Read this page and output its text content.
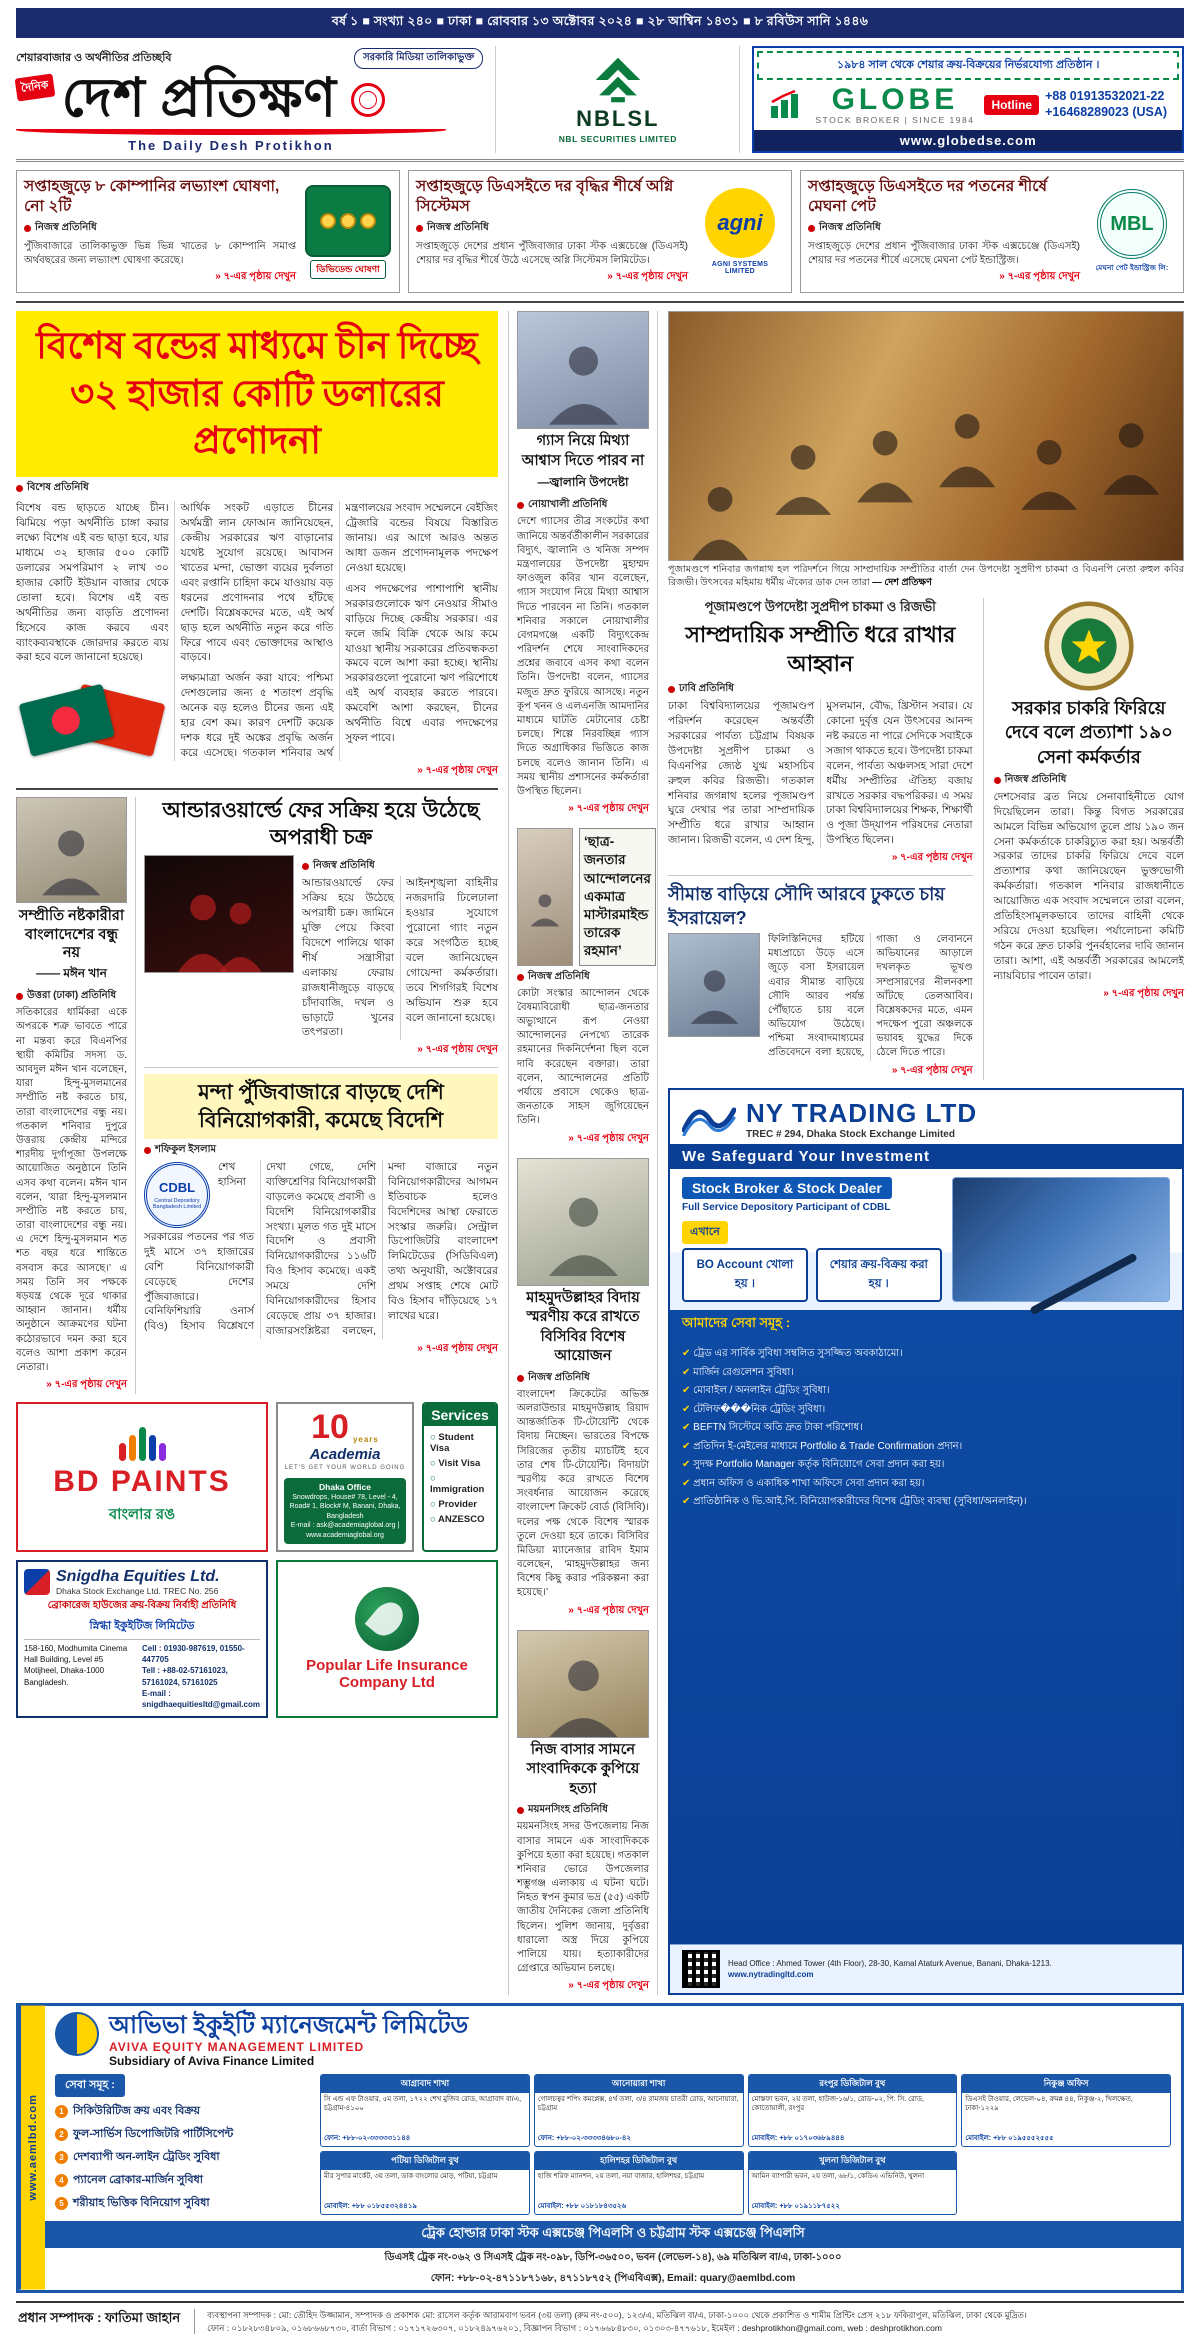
বর্ষ ১ ■ সংখ্যা ২৪০ ■ ঢাকা ■ রোববার ১৩ অক্টোবর ২০২৪ ■ ২৮ আশ্বিন ১৪৩১ ■ ৮ রবিউস সানি ১৪৪৬
শেয়ারবাজার ও অর্থনীতির প্রতিচ্ছবি	সরকারি মিডিয়া তালিকাভুক্ত
দৈনিক দেশ প্রতিক্ষণ
The Daily Desh Protikhon
NBLSL
NBL SECURITIES LIMITED
১৯৮৪ সাল থেকে শেয়ার ক্রয়-বিক্রয়ের নির্ভরযোগ্য প্রতিষ্ঠান ।
GLOBE
STOCK BROKER | SINCE 1984
Hotline
+88 01913532021-22
+16468289023 (USA)
www.globedse.com
সপ্তাহজুড়ে ৮ কোম্পানির লভ্যাংশ ঘোষণা, নো ২টি
নিজস্ব প্রতিনিধি

পুঁজিবাজারে তালিকাভুক্ত ভিন্ন ভিন্ন খাতের ৮ কোম্পানি সমাপ্ত অর্থবছরের জন্য লভ্যাংশ ঘোষণা করেছে।

» ৭-এর পৃষ্ঠায় দেখুন
ডিভিডেন্ড ঘোষণা
সপ্তাহজুড়ে ডিএসইতে দর বৃদ্ধির শীর্ষে অগ্নি সিস্টেমস
নিজস্ব প্রতিনিধি

সপ্তাহজুড়ে দেশের প্রধান পুঁজিবাজার ঢাকা স্টক এক্সচেঞ্জে (ডিএসই) শেয়ার দর বৃদ্ধির শীর্ষে উঠে এসেছে অগ্নি সিস্টেমস লিমিটেড।

» ৭-এর পৃষ্ঠায় দেখুন
agni
AGNI SYSTEMS LIMITED
সপ্তাহজুড়ে ডিএসইতে দর পতনের শীর্ষে মেঘনা পেট
নিজস্ব প্রতিনিধি

সপ্তাহজুড়ে দেশের প্রধান পুঁজিবাজার ঢাকা স্টক এক্সচেঞ্জে (ডিএসই) শেয়ার দর পতনের শীর্ষে এসেছে মেঘনা পেট ইন্ডাস্ট্রিজ।

» ৭-এর পৃষ্ঠায় দেখুন
MBL
মেঘনা পেট ইন্ডাস্ট্রিজ লি:
বিশেষ বন্ডের মাধ্যমে চীন দিচ্ছে ৩২ হাজার কোটি ডলারের প্রণোদনা
বিশেষ প্রতিনিধি

বিশেষ বন্ড ছাড়তে যাচ্ছে চীন। ঝিমিয়ে পড়া অর্থনীতি চাঙ্গা করার লক্ষ্যে বিশেষ এই বন্ড ছাড়া হবে, যার মাধ্যমে ৩২ হাজার ৫০০ কোটি ডলারের সমপরিমাণ ২ লাখ ৩০ হাজার কোটি ইউয়ান বাজার থেকে তোলা হবে। বিশেষ এই বন্ড অর্থনীতির জন্য বাড়তি প্রণোদনা হিসেবে কাজ করবে এবং ব্যাংকব্যবস্থাকে জোরদার করতে ব্যয় করা হবে বলে জানানো হয়েছে।

★

আর্থিক সংকট এড়াতে চীনের অর্থমন্ত্রী লান ফোআন জানিয়েছেন, কেন্দ্রীয় সরকারের ঋণ বাড়ানোর যথেষ্ট সুযোগ রয়েছে। আবাসন খাতের মন্দা, ভোক্তা ব্যয়ের দুর্বলতা এবং রপ্তানি চাহিদা কমে যাওয়ায় বড় ধরনের প্রণোদনার পথে হাঁটছে দেশটি। বিশ্লেষকদের মতে, এই অর্থ ছাড় হলে অর্থনীতি নতুন করে গতি ফিরে পাবে এবং ভোক্তাদের আস্থাও বাড়বে।

লক্ষ্যমাত্রা অর্জন করা যাবে: পশ্চিমা দেশগুলোর জন্য ৫ শতাংশ প্রবৃদ্ধি অনেক বড় হলেও চীনের জন্য এই হার বেশ কম। কারণ দেশটি কয়েক দশক ধরে দুই অঙ্কের প্রবৃদ্ধি অর্জন করে এসেছে। গতকাল শনিবার অর্থ মন্ত্রণালয়ের সংবাদ সম্মেলনে বেইজিং ট্রেজারি বন্ডের বিষয়ে বিস্তারিত জানায়। এর আগে আরও অন্তত আধা ডজন প্রণোদনামূলক পদক্ষেপ নেওয়া হয়েছে।

এসব পদক্ষেপের পাশাপাশি স্থানীয় সরকারগুলোকে ঋণ নেওয়ার সীমাও বাড়িয়ে দিচ্ছে কেন্দ্রীয় সরকার। এর ফলে জমি বিক্রি থেকে আয় কমে যাওয়া স্থানীয় সরকারের প্রতিবন্ধকতা কমবে বলে আশা করা হচ্ছে। স্থানীয় সরকারগুলো পুরোনো ঋণ পরিশোধে এই অর্থ ব্যবহার করতে পারবে। কমবেশি আশা করছেন, চীনের অর্থনীতি বিশ্বে এবার পদক্ষেপের সুফল পাবে।

» ৭-এর পৃষ্ঠায় দেখুন
সম্প্রীতি নষ্টকারীরা বাংলাদেশের বন্ধু নয়
—— মঈন খান
উত্তরা (ঢাকা) প্রতিনিধি

সতিকারের ধার্মিকরা একে অপরকে শত্রু ভাবতে পারে না মন্তব্য করে বিএনপির স্থায়ী কমিটির সদস্য ড. আবদুল মঈন খান বলেছেন, যারা হিন্দু-মুসলমানের সম্প্রীতি নষ্ট করতে চায়, তারা বাংলাদেশের বন্ধু নয়। গতকাল শনিবার দুপুরে উত্তরায় কেন্দ্রীয় মন্দিরে শারদীয় দুর্গাপূজা উপলক্ষে আয়োজিত অনুষ্ঠানে তিনি এসব কথা বলেন। মঈন খান বলেন, ‘যারা হিন্দু-মুসলমান সম্প্রীতি নষ্ট করতে চায়, তারা বাংলাদেশের বন্ধু নয়। এ দেশে হিন্দু-মুসলমান শত শত বছর ধরে শান্তিতে বসবাস করে আসছে।’ এ সময় তিনি সব পক্ষকে ষড়যন্ত্র থেকে দূরে থাকার আহ্বান জানান। ধর্মীয় অনুষ্ঠানে আক্রমণের ঘটনা কঠোরভাবে দমন করা হবে বলেও আশা প্রকাশ করেন নেতারা।

» ৭-এর পৃষ্ঠায় দেখুন
আন্ডারওয়ার্ল্ডে ফের সক্রিয় হয়ে উঠেছে অপরাধী চক্র
নিজস্ব প্রতিনিধি

আন্ডারওয়ার্ল্ডে ফের সক্রিয় হয়ে উঠেছে অপরাধী চক্র। জামিনে মুক্তি পেয়ে কিংবা বিদেশে পালিয়ে থাকা শীর্ষ সন্ত্রাসীরা এলাকায় ফেরায় রাজধানীজুড়ে বাড়ছে চাঁদাবাজি, দখল ও ভাড়াটে খুনের তৎপরতা। আইনশৃঙ্খলা বাহিনীর নজরদারি ঢিলেঢালা হওয়ার সুযোগে পুরোনো গ্যাং নতুন করে সংগঠিত হচ্ছে বলে জানিয়েছেন গোয়েন্দা কর্মকর্তারা। তবে শিগগিরই বিশেষ অভিযান শুরু হবে বলে জানানো হয়েছে।

» ৭-এর পৃষ্ঠায় দেখুন
মন্দা পুঁজিবাজারে বাড়ছে দেশি বিনিয়োগকারী, কমেছে বিদেশি
শফিকুল ইসলাম
CDBL
Central Depository Bangladesh Limited
শেখ হাসিনা সরকারের পতনের পর গত দুই মাসে ৩৭ হাজারের বেশি বিনিয়োগকারী বেড়েছে দেশের পুঁজিবাজারে। বেনিফিশিয়ারি ওনার্স (বিও) হিসাব বিশ্লেষণে দেখা গেছে, দেশি ব্যক্তিশ্রেণির বিনিয়োগকারী বাড়লেও কমেছে প্রবাসী ও বিদেশি বিনিয়োগকারীর সংখ্যা। মূলত গত দুই মাসে বিদেশি ও প্রবাসী বিনিয়োগকারীদের ১১৬টি বিও হিসাব কমেছে। একই সময়ে দেশি বিনিয়োগকারীদের হিসাব বেড়েছে প্রায় ৩৭ হাজার। বাজারসংশ্লিষ্টরা বলছেন, মন্দা বাজারে নতুন বিনিয়োগকারীদের আগমন ইতিবাচক হলেও বিদেশিদের আস্থা ফেরাতে সংস্কার জরুরি। সেন্ট্রাল ডিপোজিটরি বাংলাদেশ লিমিটেডের (সিডিবিএল) তথ্য অনুযায়ী, অক্টোবরের প্রথম সপ্তাহ শেষে মোট বিও হিসাব দাঁড়িয়েছে ১৭ লাখের ঘরে।
» ৭-এর পৃষ্ঠায় দেখুন
BD PAINTS
বাংলার রঙ
10 years
Academia
LET'S GET YOUR WORLD GOING
Dhaka Office
Snowdrops, House# 78, Level - 4, Road# 1, Block# M, Banani, Dhaka, Bangladesh
E-mail : ask@academiaglobal.org | www.academiaglobal.org
Services
○ Student Visa
○ Visit Visa
○ Immigration
○ Provider
○ ANZESCO
Snigdha Equities Ltd.
Dhaka Stock Exchange Ltd. TREC No. 256
ব্রোকারেজ হাউজের ক্রয়-বিক্রয় নির্বাহী প্রতিনিধি
স্নিগ্ধা ইকুইটিজ লিমিটেড
158-160, Modhumita Cinema Hall Building, Level #5 Motijheel, Dhaka-1000 Bangladesh.
Cell : 01930-987619, 01550-447705
Tell : +88-02-57161023, 57161024, 57161025
E-mail : snigdhaequitiesltd@gmail.com
Popular Life Insurance Company Ltd
গ্যাস নিয়ে মিথ্যা আশ্বাস দিতে পারব না
—জ্বালানি উপদেষ্টা
নোয়াখালী প্রতিনিধি

দেশে গ্যাসের তীব্র সংকটের কথা জানিয়ে অন্তর্বর্তীকালীন সরকারের বিদ্যুৎ, জ্বালানি ও খনিজ সম্পদ মন্ত্রণালয়ের উপদেষ্টা মুহাম্মদ ফাওজুল কবির খান বলেছেন, গ্যাস সংযোগ নিয়ে মিথ্যা আশ্বাস দিতে পারবেন না তিনি। গতকাল শনিবার সকালে নোয়াখালীর বেগমগঞ্জে একটি বিদ্যুৎকেন্দ্র পরিদর্শন শেষে সাংবাদিকদের প্রশ্নের জবাবে এসব কথা বলেন তিনি। উপদেষ্টা বলেন, গ্যাসের মজুত দ্রুত ফুরিয়ে আসছে। নতুন কূপ খনন ও এলএনজি আমদানির মাধ্যমে ঘাটতি মেটানোর চেষ্টা চলছে। শিল্পে নিরবচ্ছিন্ন গ্যাস দিতে অগ্রাধিকার ভিত্তিতে কাজ চলছে বলেও জানান তিনি। এ সময় স্থানীয় প্রশাসনের কর্মকর্তারা উপস্থিত ছিলেন।

» ৭-এর পৃষ্ঠায় দেখুন
‘ছাত্র-জনতার আন্দোলনের একমাত্র মাস্টারমাইন্ড তারেক রহমান’
নিজস্ব প্রতিনিধি

কোটা সংস্কার আন্দোলন থেকে বৈষম্যবিরোধী ছাত্র-জনতার অভ্যুত্থানে রূপ নেওয়া আন্দোলনের নেপথ্যে তারেক রহমানের দিকনির্দেশনা ছিল বলে দাবি করেছেন বক্তারা। তারা বলেন, আন্দোলনের প্রতিটি পর্যায়ে প্রবাসে থেকেও ছাত্র-জনতাকে সাহস জুগিয়েছেন তিনি।

» ৭-এর পৃষ্ঠায় দেখুন
মাহমুদউল্লাহর বিদায় স্মরণীয় করে রাখতে বিসিবির বিশেষ আয়োজন
নিজস্ব প্রতিনিধি

বাংলাদেশ ক্রিকেটের অভিজ্ঞ অলরাউন্ডার মাহমুদউল্লাহ রিয়াদ আন্তর্জাতিক টি-টোয়েন্টি থেকে বিদায় নিচ্ছেন। ভারতের বিপক্ষে সিরিজের তৃতীয় ম্যাচটিই হবে তার শেষ টি-টোয়েন্টি। বিদায়টা স্মরণীয় করে রাখতে বিশেষ সংবর্ধনার আয়োজন করেছে বাংলাদেশ ক্রিকেট বোর্ড (বিসিবি)। দলের পক্ষ থেকে বিশেষ স্মারক তুলে দেওয়া হবে তাকে। বিসিবির মিডিয়া ম্যানেজার রাবিদ ইমাম বলেছেন, ‘মাহমুদউল্লাহর জন্য বিশেষ কিছু করার পরিকল্পনা করা হয়েছে।’

» ৭-এর পৃষ্ঠায় দেখুন
নিজ বাসার সামনে সাংবাদিককে কুপিয়ে হত্যা
ময়মনসিংহ প্রতিনিধি

ময়মনসিংহ সদর উপজেলায় নিজ বাসার সামনে এক সাংবাদিককে কুপিয়ে হত্যা করা হয়েছে। গতকাল শনিবার ভোরে উপজেলার শম্ভুগঞ্জ এলাকায় এ ঘটনা ঘটে। নিহত স্বপন কুমার ভদ্র (৫৫) একটি জাতীয় দৈনিকের জেলা প্রতিনিধি ছিলেন। পুলিশ জানায়, দুর্বৃত্তরা ধারালো অস্ত্র দিয়ে কুপিয়ে পালিয়ে যায়। হত্যাকারীদের গ্রেপ্তারে অভিযান চলছে।

» ৭-এর পৃষ্ঠায় দেখুন

পূজামণ্ডপে শনিবার জগন্নাথ হল পরিদর্শনে গিয়ে সাম্প্রদায়িক সম্প্রীতির বার্তা দেন উপদেষ্টা সুপ্রদীপ চাকমা ও বিএনপি নেতা রুহুল কবির রিজভী। উৎসবের মহিমায় ধর্মীয় ঐক্যের ডাক দেন তারা — দেশ প্রতিক্ষণ

পূজামণ্ডপে উপদেষ্টা সুপ্রদীপ চাকমা ও রিজভী
সাম্প্রদায়িক সম্প্রীতি ধরে রাখার আহ্বান
ঢাবি প্রতিনিধি

ঢাকা বিশ্ববিদ্যালয়ের পূজামণ্ডপ পরিদর্শন করেছেন অন্তর্বর্তী সরকারের পার্বত্য চট্টগ্রাম বিষয়ক উপদেষ্টা সুপ্রদীপ চাকমা ও বিএনপির জ্যেষ্ঠ যুগ্ম মহাসচিব রুহুল কবির রিজভী। গতকাল শনিবার জগন্নাথ হলের পূজামণ্ডপ ঘুরে দেখার পর তারা সাম্প্রদায়িক সম্প্রীতি ধরে রাখার আহ্বান জানান। রিজভী বলেন, এ দেশ হিন্দু, মুসলমান, বৌদ্ধ, খ্রিস্টান সবার। যে কোনো দুর্বৃত্ত যেন উৎসবের আনন্দ নষ্ট করতে না পারে সেদিকে সবাইকে সজাগ থাকতে হবে। উপদেষ্টা চাকমা বলেন, পার্বত্য অঞ্চলসহ সারা দেশে ধর্মীয় সম্প্রীতির ঐতিহ্য বজায় রাখতে সরকার বদ্ধপরিকর। এ সময় ঢাকা বিশ্ববিদ্যালয়ের শিক্ষক, শিক্ষার্থী ও পূজা উদ্‌যাপন পরিষদের নেতারা উপস্থিত ছিলেন।

» ৭-এর পৃষ্ঠায় দেখুন
সীমান্ত বাড়িয়ে সৌদি আরবে ঢুকতে চায় ইসরায়েল?

ফিলিস্তিনিদের হটিয়ে মধ্যপ্রাচ্যে উড়ে এসে জুড়ে বসা ইসরায়েল এবার সীমান্ত বাড়িয়ে সৌদি আরব পর্যন্ত পৌঁছাতে চায় বলে অভিযোগ উঠেছে। পশ্চিমা সংবাদমাধ্যমের প্রতিবেদনে বলা হয়েছে, গাজা ও লেবাননে অভিযানের আড়ালে দখলকৃত ভূখণ্ড সম্প্রসারণের নীলনকশা আঁটছে তেলআবিব। বিশ্লেষকদের মতে, এমন পদক্ষেপ পুরো অঞ্চলকে ভয়াবহ যুদ্ধের দিকে ঠেলে দিতে পারে।

» ৭-এর পৃষ্ঠায় দেখুন
সরকার চাকরি ফিরিয়ে দেবে বলে প্রত্যাশা ১৯০ সেনা কর্মকর্তার
নিজস্ব প্রতিনিধি

দেশসেবার ব্রত নিয়ে সেনাবাহিনীতে যোগ দিয়েছিলেন তারা। কিন্তু বিগত সরকারের আমলে বিভিন্ন অভিযোগ তুলে প্রায় ১৯০ জন সেনা কর্মকর্তাকে চাকরিচ্যুত করা হয়। অন্তর্বর্তী সরকার তাদের চাকরি ফিরিয়ে দেবে বলে প্রত্যাশার কথা জানিয়েছেন ভুক্তভোগী কর্মকর্তারা। গতকাল শনিবার রাজধানীতে আয়োজিত এক সংবাদ সম্মেলনে তারা বলেন, প্রতিহিংসামূলকভাবে তাদের বাহিনী থেকে সরিয়ে দেওয়া হয়েছিল। পর্যালোচনা কমিটি গঠন করে দ্রুত চাকরি পুনর্বহালের দাবি জানান তারা। আশা, এই অন্তর্বর্তী সরকারের আমলেই ন্যায়বিচার পাবেন তারা।

» ৭-এর পৃষ্ঠায় দেখুন
NY TRADING LTD
TREC # 294, Dhaka Stock Exchange Limited
We Safeguard Your Investment
Stock Broker & Stock Dealer
Full Service Depository Participant of CDBL
এখানে
BO Account খোলা হয় ।
শেয়ার ক্রয়-বিক্রয় করা হয় ।
আমাদের সেবা সমূহ :
✔ ট্রেড এর সার্বিক সুবিধা সম্বলিত সুসজ্জিত অবকাঠামো।
✔ মার্জিন রেগুলেশন সুবিধা।
✔ মোবাইল / অনলাইন ট্রেডিং সুবিধা।
✔ টেলিফ���নিক ট্রেডিং সুবিধা।
✔ BEFTN সিস্টেমে অতি দ্রুত টাকা পরিশোধ।
✔ প্রতিদিন ই-মেইলের মাধ্যমে Portfolio & Trade Confirmation প্রদান।
✔ সুদক্ষ Portfolio Manager কর্তৃক বিনিয়োগে সেবা প্রদান করা হয়।
✔ প্রধান অফিস ও একাধিক শাখা অফিসে সেবা প্রদান করা হয়।
✔ প্রাতিষ্ঠানিক ও ভি.আই.পি. বিনিয়োগকারীদের বিশেষ ট্রেডিং ব্যবস্থা (সুবিধা/অনলাইন)।
Head Office : Ahmed Tower (4th Floor), 28-30, Kamal Ataturk Avenue, Banani, Dhaka-1213.
www.nytradingltd.com
www.aemlbd.com
আভিভা ইকুইটি ম্যানেজমেন্ট লিমিটেড
AVIVA EQUITY MANAGEMENT LIMITED
Subsidiary of Aviva Finance Limited
সেবা সমূহ :
সিকিউরিটিজ ক্রয় এবং বিক্রয়
ফুল-সার্ভিস ডিপোজিটরি পার্টিসিপেন্ট
দেশব্যাপী অন-লাইন ট্রেডিং সুবিধা
প্যানেল ব্রোকার-মার্জিন সুবিধা
শরীয়াহ ভিত্তিক বিনিয়োগ সুবিধা
আগ্রাবাদ শাখা
সি এন্ড এফ টাওয়ার, ৫ম তলা, ১৭২২ শেখ মুজিব রোড, আগ্রাবাদ বা/এ, চট্টগ্রাম-৪১০০
ফোন: +৮৮-০২-৩৩৩৩৩১১৪৪
আনোয়ারা শাখা
গোলচত্বর শপিং কমপ্লেক্স, ৪র্থ তলা, ৩/৪ রামজয় চাতরী রোড, আনোয়ারা, চট্টগ্রাম
ফোন: +৮৮-০২-৩৩৩৩৪৬৮০-৪২
রংপুর ডিজিটাল বুথ
মোস্তফা ভবন, ২য় তলা, হাউজ-১৬/১, রোড-০২, পি. সি. রোড, কোতোয়ালী, রংপুর
মোবাইল: +৮৮ ০১৭০৩৬৮৯৪৪৪
নিকুঞ্জ অফিস
ডিএসই টাওয়ার, লেভেল-০৪, রুম# ৪৪, নিকুঞ্জ-২, খিলক্ষেত, ঢাকা-১২২৯
মোবাইল: +৮৮ ০১৯৫৫৫২৫৫৫
পটিয়া ডিজিটাল বুথ
মীর সুপার মার্কেট, ৩য় তলা, ডাক বাংলোর মোড়, পটিয়া, চট্টগ্রাম
মোবাইল: +৮৮ ০১৮৫৫৩২৪৪১৯
হালিশহর ডিজিটাল বুথ
হাজি শরিফ ম্যানশন, ২য় তলা, নয়া বাজার, হালিশহর, চট্টগ্রাম
মোবাইল: +৮৮ ০১৮১৮৪৩৫২৬
খুলনা ডিজিটাল বুথ
আমিন ব্যাপারী ভবন, ২য় তলা, ৬৮/১, কেডিএ এভিনিউ, খুলনা
মোবাইল: +৮৮ ০১৯১১৮৭৫২২
ট্রেক হোল্ডার ঢাকা স্টক এক্সচেঞ্জ পিএলসি ও চট্টগ্রাম স্টক এক্সচেঞ্জ পিএলসি
ডিএসই ট্রেক নং-০৬২ ও সিএসই ট্রেক নং-০৯৮, ডিপি-৩৬৫০০, ভবন (লেভেল-১৪), ৬৯ মতিঝিল বা/এ, ঢাকা-১০০০
ফোন: +৮৮-০২-৪৭১১৮৭১৬৮, ৪৭১১৮৭৫২ (পিএবিএক্স), Email: quary@aemlbd.com
প্রধান সম্পাদক : ফাতিমা জাহান	ব্যবস্থাপনা সম্পাদক : মো: তৌহিদ উজ্জামান, সম্পাদক ও প্রকাশক মো: রাসেল কর্তৃক আরামবাগ ভবন (৩য় তলা) (রুম নং-৫০০), ১২৩/এ, মতিঝিল বা/এ, ঢাকা-১০০০ থেকে প্রকাশিত ও শামীম প্রিন্টিং প্রেস ২১৮ ফকিরাপুল, মতিঝিল, ঢাকা থেকে মুদ্রিত।
ফোন : ০১৮২৮৩৪৮০৯, ০১৬৮৬৬৮৭৩০, বার্তা বিভাগ : ০১৭১৭২৬৩০৭, ০১৮২৪৯৭৬২০১, বিজ্ঞাপন বিভাগ : ০১৭৬৬৮৪৮৩০, ০১৩০৩-৪৭৭৬১৮, ইমেইল : deshprotikhon@gmail.com, web : deshprotikhon.com
